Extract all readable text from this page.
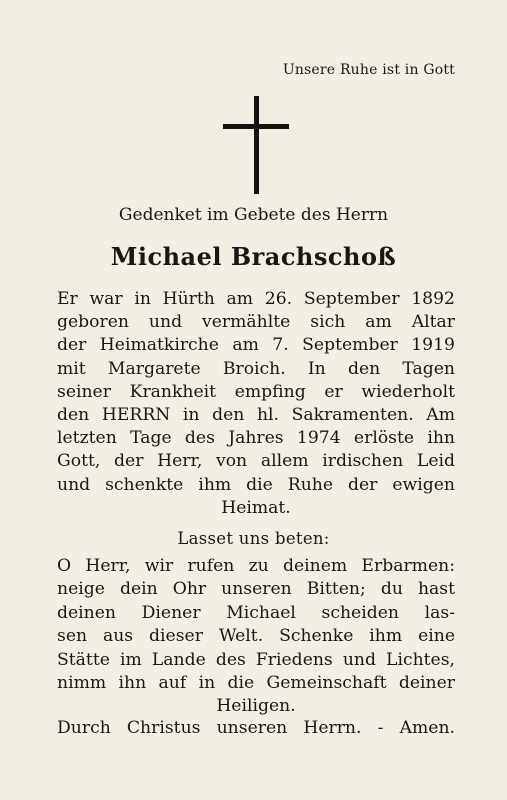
Unsere Ruhe ist in Gott
Gedenket im Gebete des Herrn
Michael Brachschoß
Er war in Hürth am 26. September 1892
geboren und vermählte sich am Altar
der Heimatkirche am 7. September 1919
mit Margarete Broich. In den Tagen
seiner Krankheit empfing er wiederholt
den HERRN in den hl. Sakramenten. Am
letzten Tage des Jahres 1974 erlöste ihn
Gott, der Herr, von allem irdischen Leid
und schenkte ihm die Ruhe der ewigen
Heimat.
Lasset uns beten:
O Herr, wir rufen zu deinem Erbarmen:
neige dein Ohr unseren Bitten; du hast
deinen Diener Michael scheiden las-
sen aus dieser Welt. Schenke ihm eine
Stätte im Lande des Friedens und Lichtes,
nimm ihn auf in die Gemeinschaft deiner
Heiligen.
Durch Christus unseren Herrn. - Amen.
